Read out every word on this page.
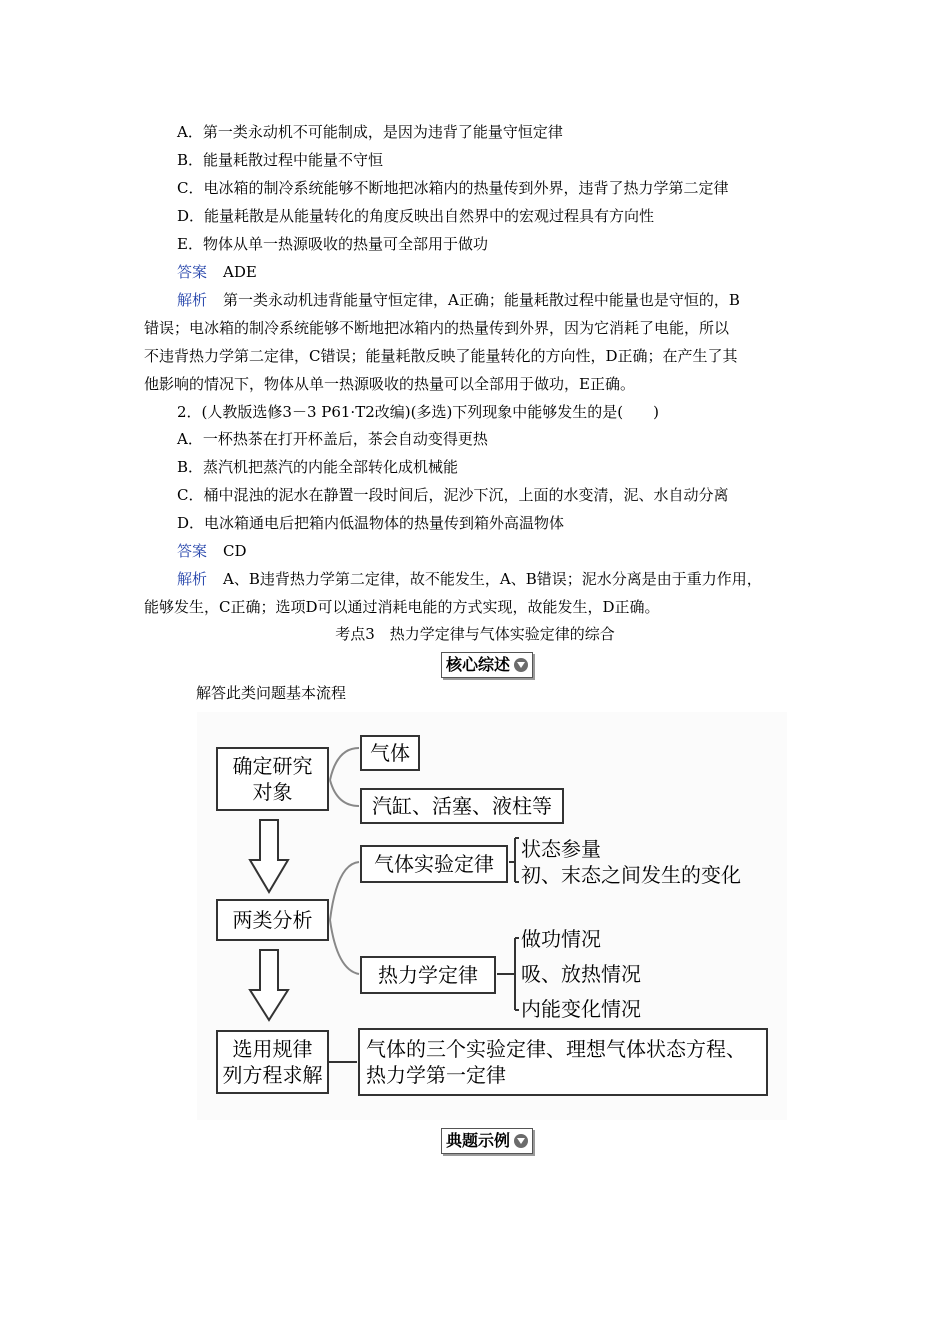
A．第一类永动机不可能制成，是因为违背了能量守恒定律
B．能量耗散过程中能量不守恒
C．电冰箱的制冷系统能够不断地把冰箱内的热量传到外界，违背了热力学第二定律
D．能量耗散是从能量转化的角度反映出自然界中的宏观过程具有方向性
E．物体从单一热源吸收的热量可全部用于做功
答案 ADE
解析 第一类永动机违背能量守恒定律，A正确；能量耗散过程中能量也是守恒的，B
错误；电冰箱的制冷系统能够不断地把冰箱内的热量传到外界，因为它消耗了电能，所以
不违背热力学第二定律，C错误；能量耗散反映了能量转化的方向性，D正确；在产生了其
他影响的情况下，物体从单一热源吸收的热量可以全部用于做功，E正确。
2．(人教版选修3－3 P61·T2改编)(多选)下列现象中能够发生的是(　　)
A．一杯热茶在打开杯盖后，茶会自动变得更热
B．蒸汽机把蒸汽的内能全部转化成机械能
C．桶中混浊的泥水在静置一段时间后，泥沙下沉，上面的水变清，泥、水自动分离
D．电冰箱通电后把箱内低温物体的热量传到箱外高温物体
答案 CD
解析 A、B违背热力学第二定律，故不能发生，A、B错误；泥水分离是由于重力作用，
能够发生，C正确；选项D可以通过消耗电能的方式实现，故能发生，D正确。
考点3　热力学定律与气体实验定律的综合
核心综述
解答此类问题基本流程
确定研究
对象
气体
汽缸、活塞、液柱等
两类分析
气体实验定律
状态参量
初、末态之间发生的变化
热力学定律
做功情况
吸、放热情况
内能变化情况
选用规律
列方程求解
气体的三个实验定律、理想气体状态方程、
热力学第一定律
典题示例
